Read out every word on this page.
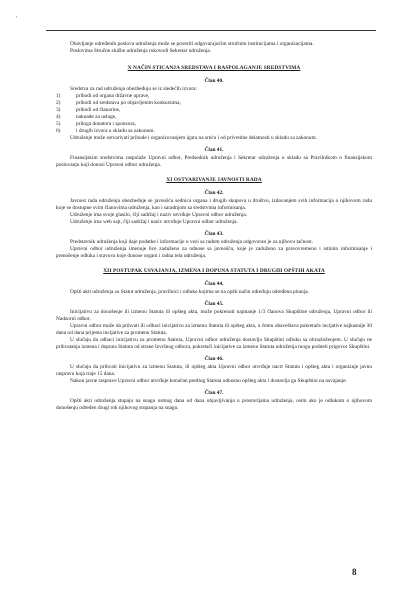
'

Obavljanje određenih poslova udruženja može se poveriti odgovarajućim stručnim institucijama i organizacijama.

Poslovima Stručne službe udruženja rukovodi Sekretar udruženja.

X NAČIN STICANJA SREDSTAVA I RASPOLAGANJE SREDSTVIMA
Član 40.

Sredstva za rad udruženja obezbeđuju se iz sledećih izvora:

1)	prihodi od organa državne uprave,
2)	prihodi od sredstava po objavljenim konkursima,
3)	prihodi od članarine,
4)	naknade za usluge,
5)	priloga donatora i sponzora,
6)	i drugih izvora u skladu sa zakonom.

Udruženje može ostvarivati prihode i organizovanjem igara na sreću i od privredne delatnosti u skladu sa zakonom.

Član 41.

Finansijskim sredstvima raspolaže Upravni odbor, Predsednik udruženja i Sekretar udruženja u skladu sa Pravilnikom o finansijskom poslovanju koji donosi Upravni odbor udruženja.

XI OSTVARIVANJE JAVNOSTI RADA
Član 42.

Javnost rada udruženja obezbeđuje se javnošću sednica organa i drugih skupova u društvu, izdavanjem svih informacija o njihovom radu koje se dostupne svim članovima udruženja, kao i saradnjom sa sredstvima informisanja.

Udruženje ima svoje glasilo, čiji sadržaj i naziv utvrđuje Upravni odbor udruženja.

Udruženje ima web sajt, čiji sadržaj i naziv utvrđuje Upravni odbor udruženja.

Član 43.

Predstavnik udruženja koji daje podatke i informacije u vezi sa radom udruženja odgovoran je za njihovu tačnost.

Upravni odbor udruženja imenuje lice zaduženo za odnose sa javnošću, koje je zaduženo za pravovremeno i istinito informisanje i prenošenje odluka i stavova koje donose organi i radna tela udruženja.

XII POSTUPAK USVAJANJA, IZMENA I DOPUNA STATUTA I DRUGIH OPŠTIH AKATA
Član 44.

Opšti akti udruženja su Statut udruženja, pravilnici i odluke kojima se na opšti način određuju određena pitanja.

Član 45.

Inicijativu za donošenje ili izmenu Statuta ili opšteg akta, može pokrenuti najmanje 1/3 članova Skupštine udruženja, Upravni odbor ili Nadzorni odbor.

Upravni odbor može da prihvati ili odbaci inicijativu za izmenu Statuta ili opšteg akta, o čemu obaveštava pokretače incijative najkasnije 30 dana od dana prijema incijative za promenu Statuta.

U slučaju da odbaci inicijativu za promenu Statuta, Upravni odbor udruženja dostavlja Skupštini odluku sa obrazloženjem. U slučaju ne prihvatanja izmena i dopuna Statuta od strane Izvršnog odbora, pokretači inicijative za izmenu Statuta udruženja mogu podneti prigovor Skupštini.

Član 46.

U slučaju da prihvati inicijativu za izmenu Statuta, ili opšteg akta Upravni odbor utvrđuje nacrt Statuta i opšteg akta i organizuje javnu raspravu koja traje 15 dana.

Nakon javne rasprave Upravni odbor utvrđuje konačan predlog Statuta odnosno opšteg akta i dostavlja ga Skupštini na usvajanje.

Član 47.

Opšti akti udruženja stupaju na snagu osmog dana od dana objavljivanja u prostorijama udruženja, osim ako je odlukom o njihovom donošenju određen drugi rok njihovog stupanja na snagu.

8
